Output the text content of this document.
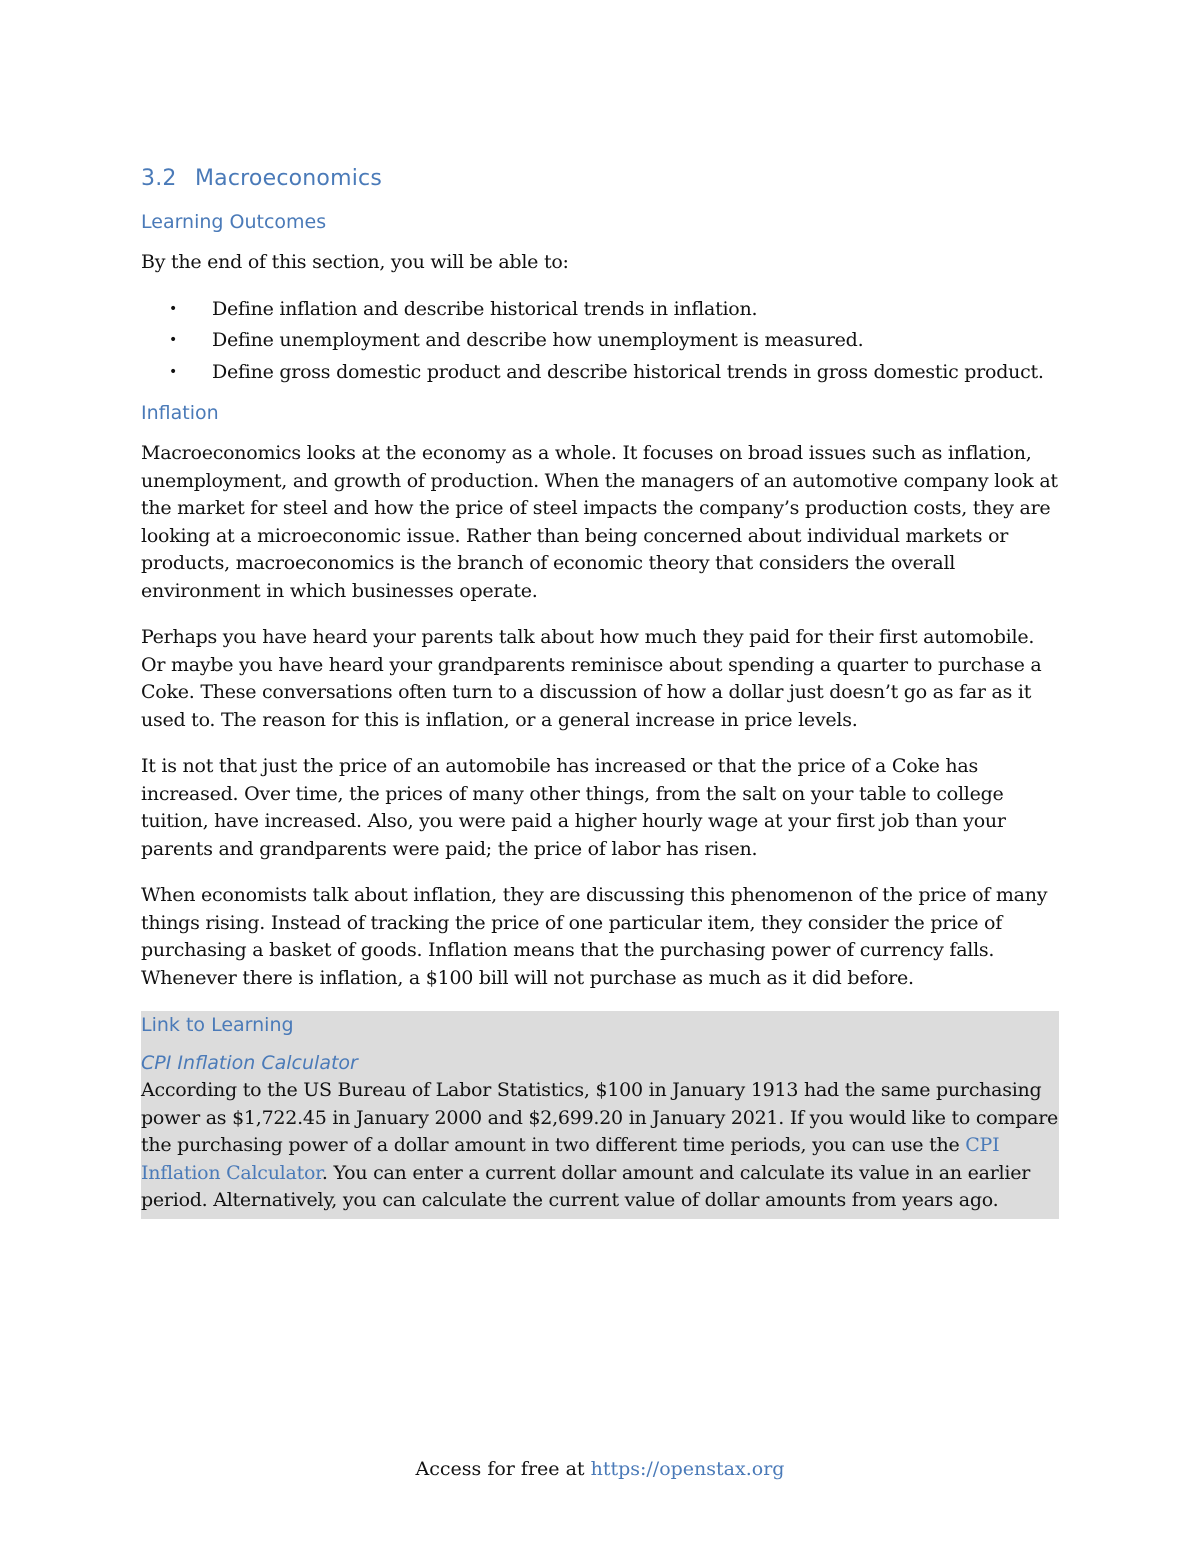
3.2 Macroeconomics
Learning Outcomes

By the end of this section, you will be able to:

• Define inflation and describe historical trends in inflation.
• Define unemployment and describe how unemployment is measured.
• Define gross domestic product and describe historical trends in gross domestic product.
Inflation

Macroeconomics looks at the economy as a whole. It focuses on broad issues such as inflation, unemployment, and growth of production. When the managers of an automotive company look at the market for steel and how the price of steel impacts the company’s production costs, they are looking at a microeconomic issue. Rather than being concerned about individual markets or products, macroeconomics is the branch of economic theory that considers the overall environment in which businesses operate.

Perhaps you have heard your parents talk about how much they paid for their first automobile. Or maybe you have heard your grandparents reminisce about spending a quarter to purchase a Coke. These conversations often turn to a discussion of how a dollar just doesn’t go as far as it used to. The reason for this is inflation, or a general increase in price levels.

It is not that just the price of an automobile has increased or that the price of a Coke has increased. Over time, the prices of many other things, from the salt on your table to college tuition, have increased. Also, you were paid a higher hourly wage at your first job than your parents and grandparents were paid; the price of labor has risen.

When economists talk about inflation, they are discussing this phenomenon of the price of many things rising. Instead of tracking the price of one particular item, they consider the price of purchasing a basket of goods. Inflation means that the purchasing power of currency falls. Whenever there is inflation, a $100 bill will not purchase as much as it did before.

Link to Learning
CPI Inflation Calculator

According to the US Bureau of Labor Statistics, $100 in January 1913 had the same purchasing power as $1,722.45 in January 2000 and $2,699.20 in January 2021. If you would like to compare the purchasing power of a dollar amount in two different time periods, you can use the CPI Inflation Calculator. You can enter a current dollar amount and calculate its value in an earlier period. Alternatively, you can calculate the current value of dollar amounts from years ago.

Access for free at https://openstax.org
